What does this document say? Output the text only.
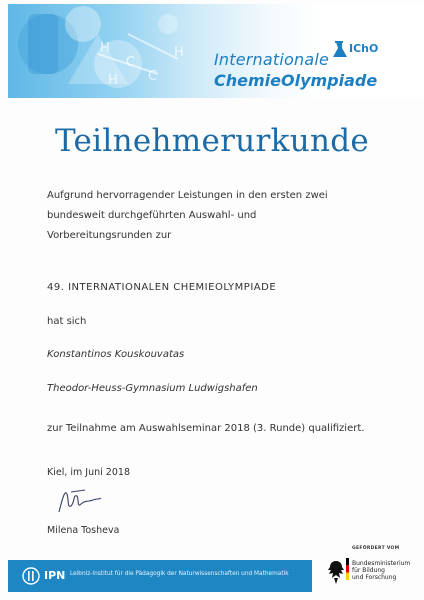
H
C
C
H
H
IChO
Internationale
ChemieOlympiade
Teilnehmerurkunde
Aufgrund hervorragender Leistungen in den ersten zwei
bundesweit durchgeführten Auswahl- und
Vorbereitungsrunden zur
49. INTERNATIONALEN CHEMIEOLYMPIADE
hat sich
Konstantinos Kouskouvatas
Theodor-Heuss-Gymnasium Ludwigshafen
zur Teilnahme am Auswahlseminar 2018 (3. Runde) qualifiziert.
Kiel, im Juni 2018
Milena Tosheva
IPN Leibniz-Institut für die Pädagogik der Naturwissenschaften und Mathematik
GEFÖRDERT VOM
Bundesministerium
für Bildung
und Forschung
